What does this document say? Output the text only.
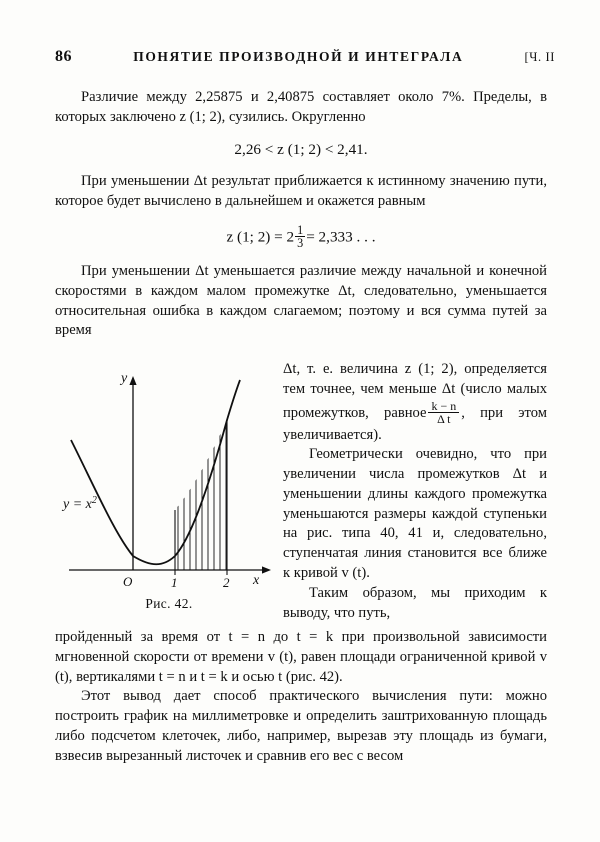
86	ПОНЯТИЕ ПРОИЗВОДНОЙ И ИНТЕГРАЛА	[Ч. II

Различие между 2,25875 и 2,40875 составляет около 7%. Пределы, в которых заключено z (1; 2), сузились. Округленно

2,26 < z (1; 2) < 2,41.

При уменьшении Δt результат приближается к истинному значению пути, которое будет вычислено в дальнейшем и окажется равным

z (1; $2) = 2 \frac{1}{3} = 2,333$ . . .

При уменьшении Δt уменьшается различие между начальной и конечной скоростями в каждом малом промежутке Δt, следовательно, уменьшается относительная ошибка в каждом слагаемом; поэтому и вся сумма путей за время

y
x
O	1	2
$y = x^2$
Рис. 42.

Δt, т. е. величина z (1; 2), определяется тем точнее, чем меньше Δt (число малых промежутков, равное $\frac{k - n}{\text{Δ t}}$ , при этом увеличивается).

Геометрически очевидно, что при увеличении числа промежутков Δt и уменьшении длины каждого промежутка уменьшаются размеры каждой ступеньки на рис. типа 40, 41 и, следовательно, ступенчатая линия становится все ближе к кривой v (t).

Таким образом, мы приходим к выводу, что путь,

пройденный за время от t = n до t = k при произвольной зависимости мгновенной скорости от времени v (t), равен площади ограниченной кривой v (t), вертикалями t = n и t = k и осью t (рис. 42).

Этот вывод дает способ практического вычисления пути: можно построить график на миллиметровке и определить заштрихованную площадь либо подсчетом клеточек, либо, например, вырезав эту площадь из бумаги, взвесив вырезанный листочек и сравнив его вес с весом
